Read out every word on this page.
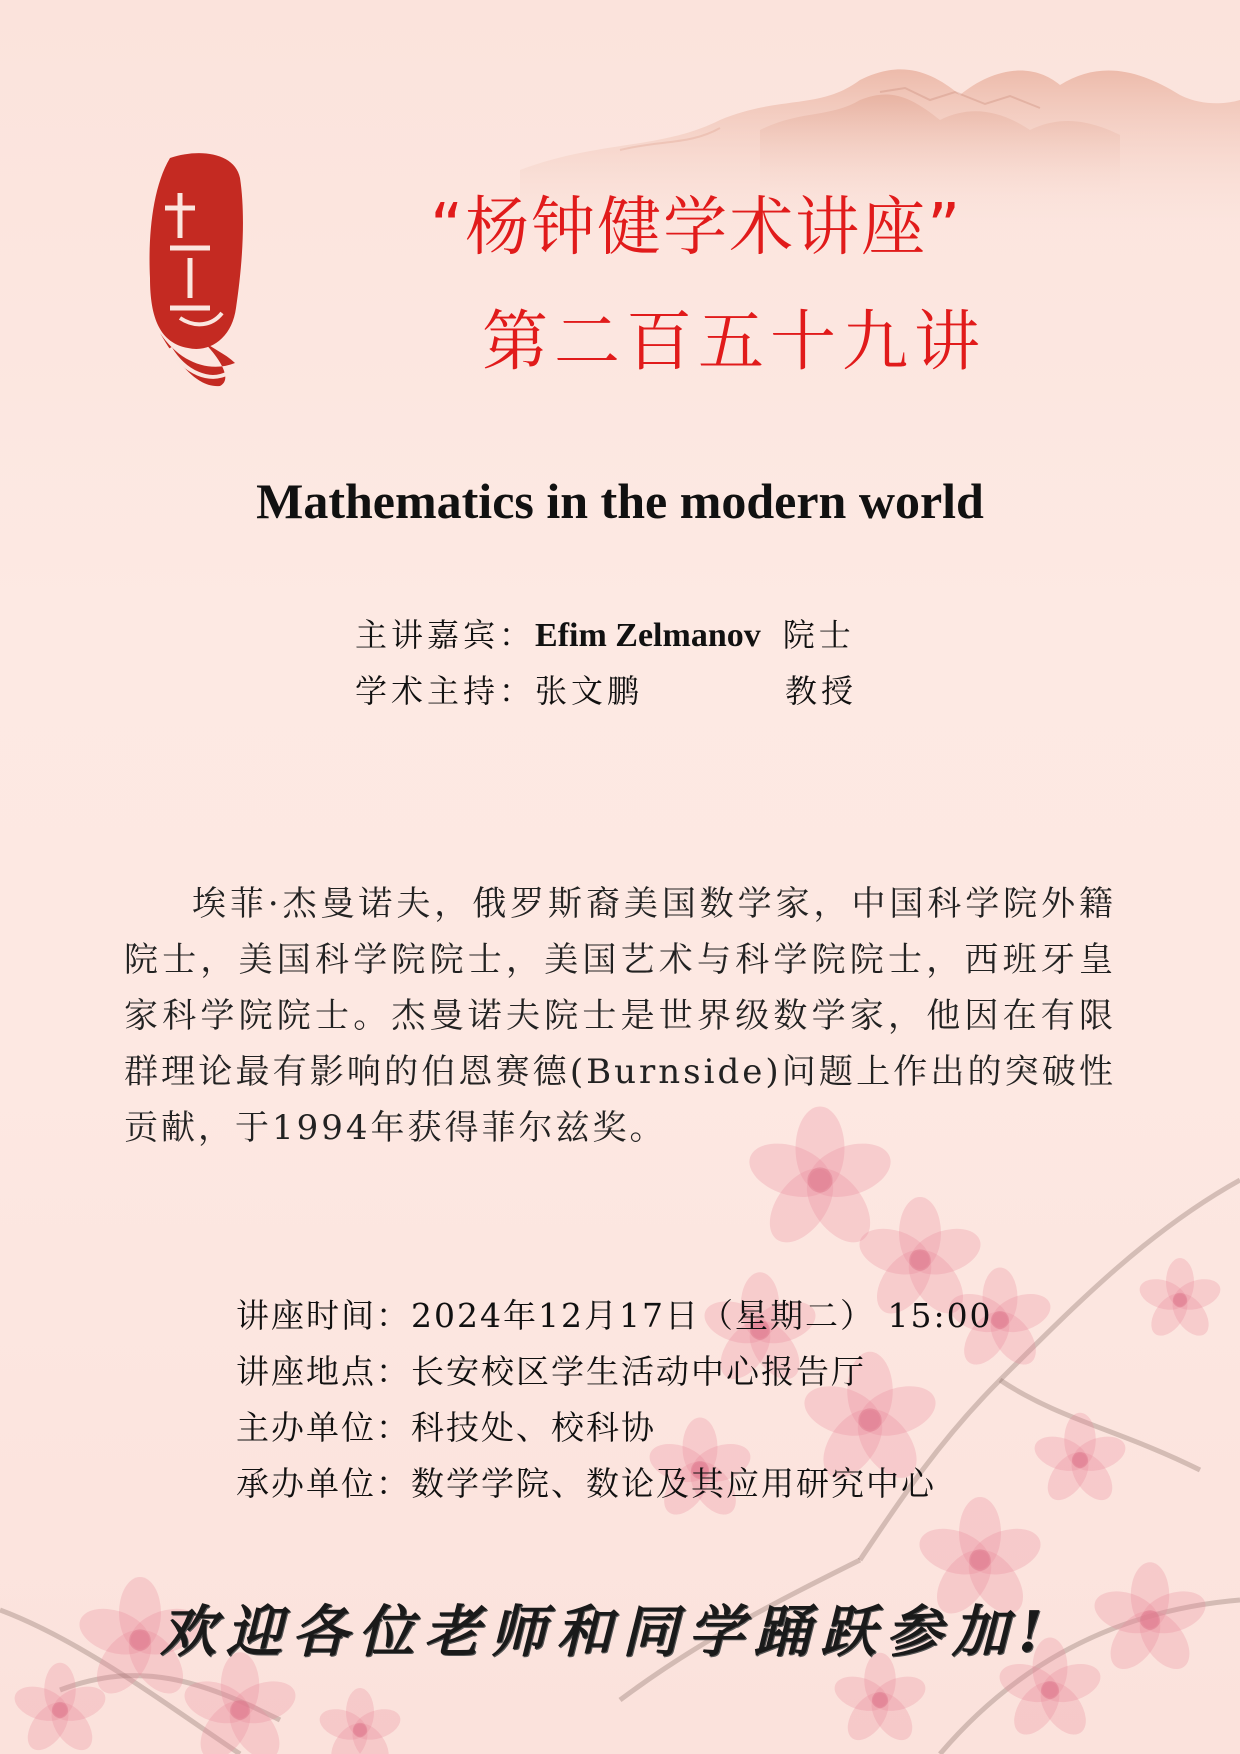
“杨钟健学术讲座”
第二百五十九讲
Mathematics in the modern world
主讲嘉宾： Efim Zelmanov 院士
学术主持： 张文鹏	教授
埃菲·杰曼诺夫，俄罗斯裔美国数学家，中国科学院外籍院士，美国科学院院士，美国艺术与科学院院士，西班牙皇家科学院院士。杰曼诺夫院士是世界级数学家，他因在有限群理论最有影响的伯恩赛德(Burnside)问题上作出的突破性贡献，于1994年获得菲尔兹奖。
讲座时间：2024年12月17日（星期二） 15:00
讲座地点：长安校区学生活动中心报告厅
主办单位：科技处、校科协
承办单位：数学学院、数论及其应用研究中心
欢迎各位老师和同学踊跃参加!
